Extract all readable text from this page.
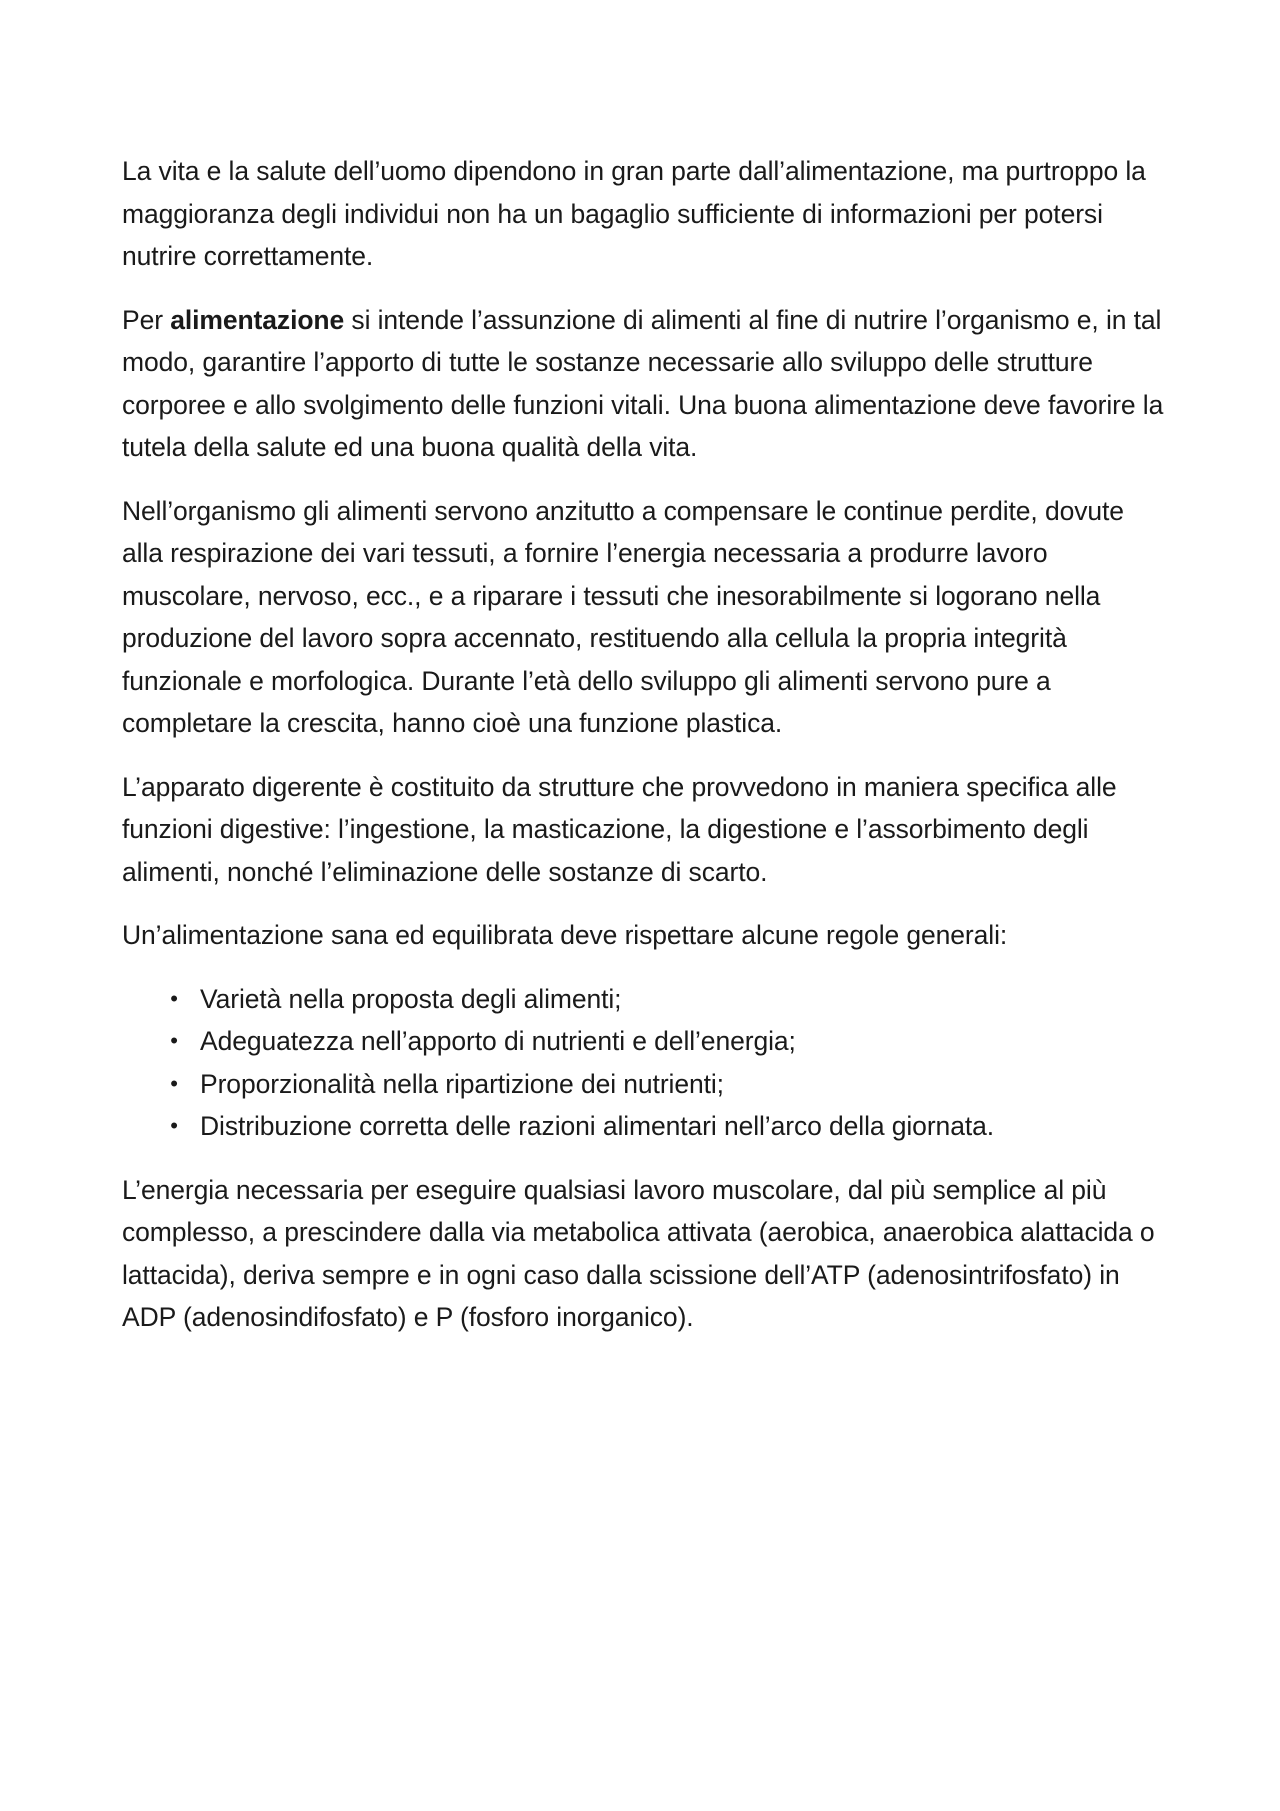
La vita e la salute dell’uomo dipendono in gran parte dall’alimentazione, ma purtroppo la maggioranza degli individui non ha un bagaglio sufficiente di informazioni per potersi nutrire correttamente.

Per alimentazione si intende l’assunzione di alimenti al fine di nutrire l’organismo e, in tal modo, garantire l’apporto di tutte le sostanze necessarie allo sviluppo delle strutture corporee e allo svolgimento delle funzioni vitali. Una buona alimentazione deve favorire la tutela della salute ed una buona qualità della vita.

Nell’organismo gli alimenti servono anzitutto a compensare le continue perdite, dovute alla respirazione dei vari tessuti, a fornire l’energia necessaria a produrre lavoro muscolare, nervoso, ecc., e a riparare i tessuti che inesorabilmente si logorano nella produzione del lavoro sopra accennato, restituendo alla cellula la propria integrità funzionale e morfologica. Durante l’età dello sviluppo gli alimenti servono pure a completare la crescita, hanno cioè una funzione plastica.

L’apparato digerente è costituito da strutture che provvedono in maniera specifica alle funzioni digestive: l’ingestione, la masticazione, la digestione e l’assorbimento degli alimenti, nonché l’eliminazione delle sostanze di scarto.

Un’alimentazione sana ed equilibrata deve rispettare alcune regole generali:

• Varietà nella proposta degli alimenti;
• Adeguatezza nell’apporto di nutrienti e dell’energia;
• Proporzionalità nella ripartizione dei nutrienti;
• Distribuzione corretta delle razioni alimentari nell’arco della giornata.

L’energia necessaria per eseguire qualsiasi lavoro muscolare, dal più semplice al più complesso, a prescindere dalla via metabolica attivata (aerobica, anaerobica alattacida o lattacida), deriva sempre e in ogni caso dalla scissione dell’ATP (adenosintrifosfato) in ADP (adenosindifosfato) e P (fosforo inorganico).
